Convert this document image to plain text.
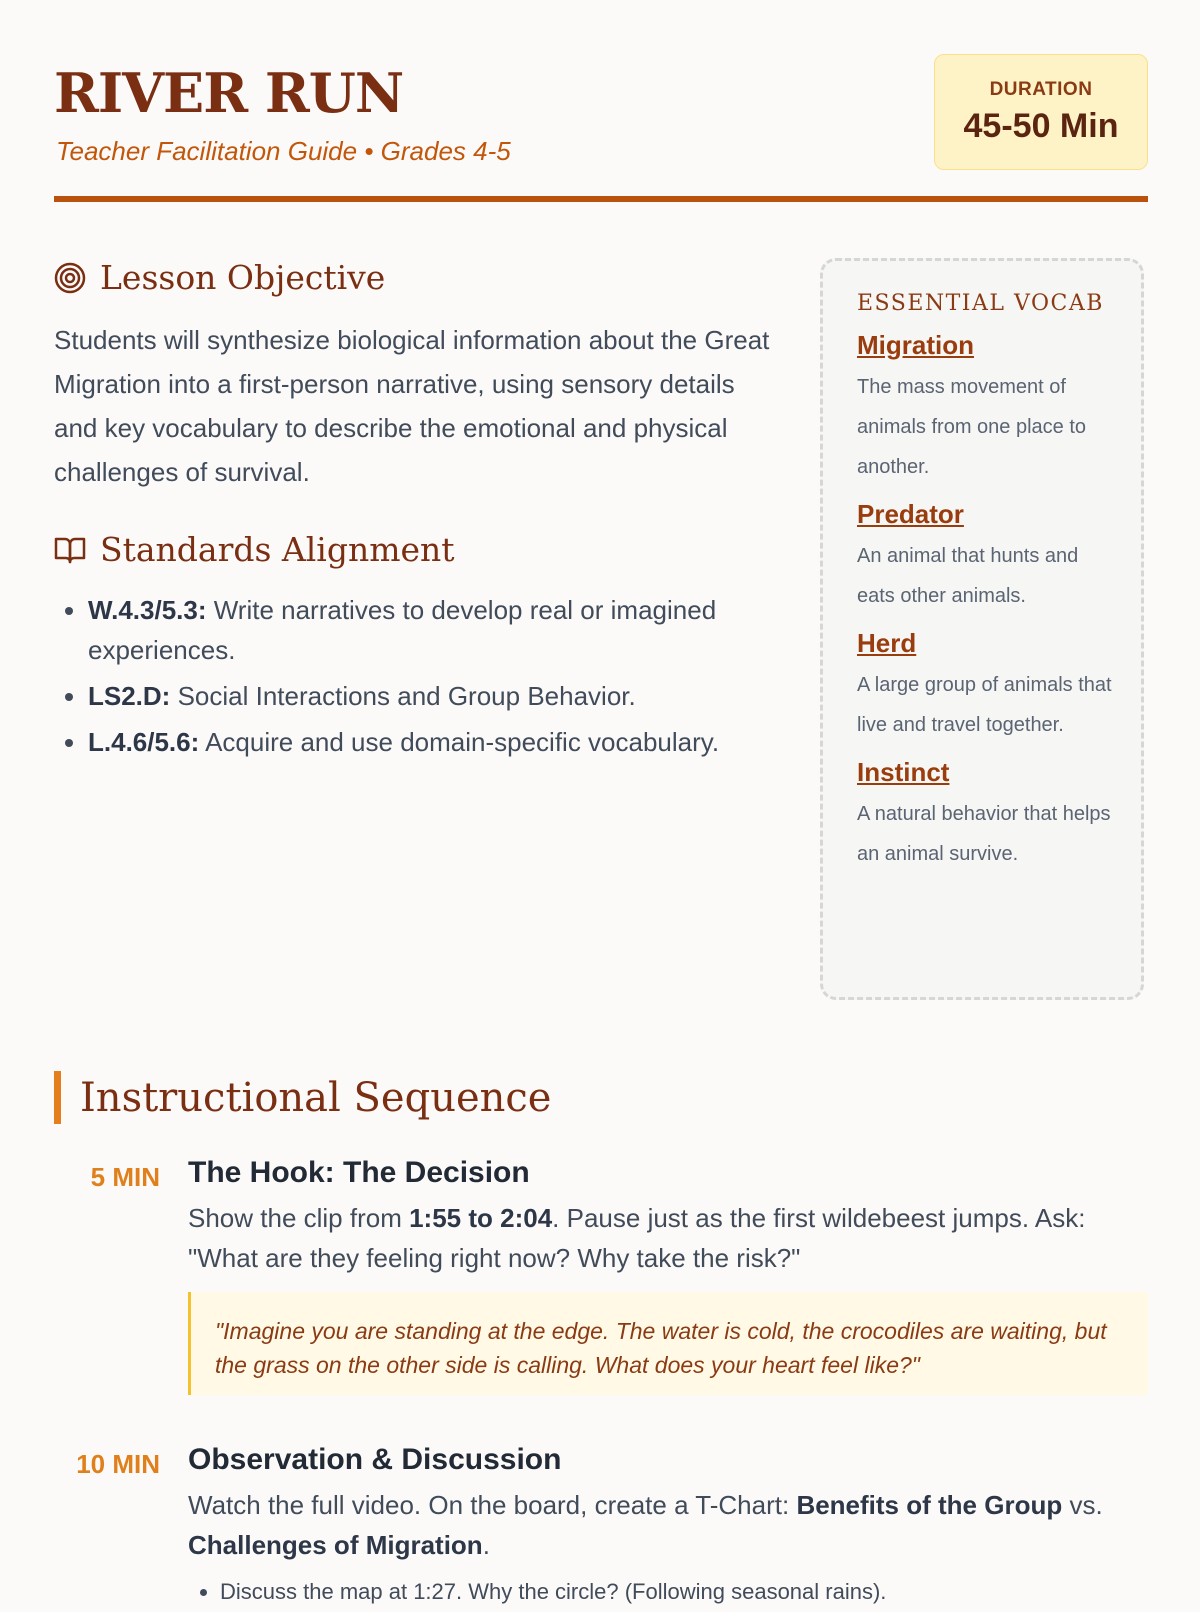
RIVER RUN
Teacher Facilitation Guide • Grades 4-5
DURATION
45-50 Min
Lesson Objective

Students will synthesize biological information about the Great Migration into a first-person narrative, using sensory details and key vocabulary to describe the emotional and physical challenges of survival.

Standards Alignment
• W.4.3/5.3: Write narratives to develop real or imagined experiences.
• LS2.D: Social Interactions and Group Behavior.
• L.4.6/5.6: Acquire and use domain-specific vocabulary.
ESSENTIAL VOCAB
Migration
The mass movement of animals from one place to another.
Predator
An animal that hunts and eats other animals.
Herd
A large group of animals that live and travel together.
Instinct
A natural behavior that helps an animal survive.
Instructional Sequence
5 MIN The Hook: The Decision

Show the clip from 1:55 to 2:04. Pause just as the first wildebeest jumps. Ask: "What are they feeling right now? Why take the risk?"

"Imagine you are standing at the edge. The water is cold, the crocodiles are waiting, but the grass on the other side is calling. What does your heart feel like?"
10 MIN Observation & Discussion

Watch the full video. On the board, create a T-Chart: Benefits of the Group vs. Challenges of Migration.

• Discuss the map at 1:27. Why the circle? (Following seasonal rains).
